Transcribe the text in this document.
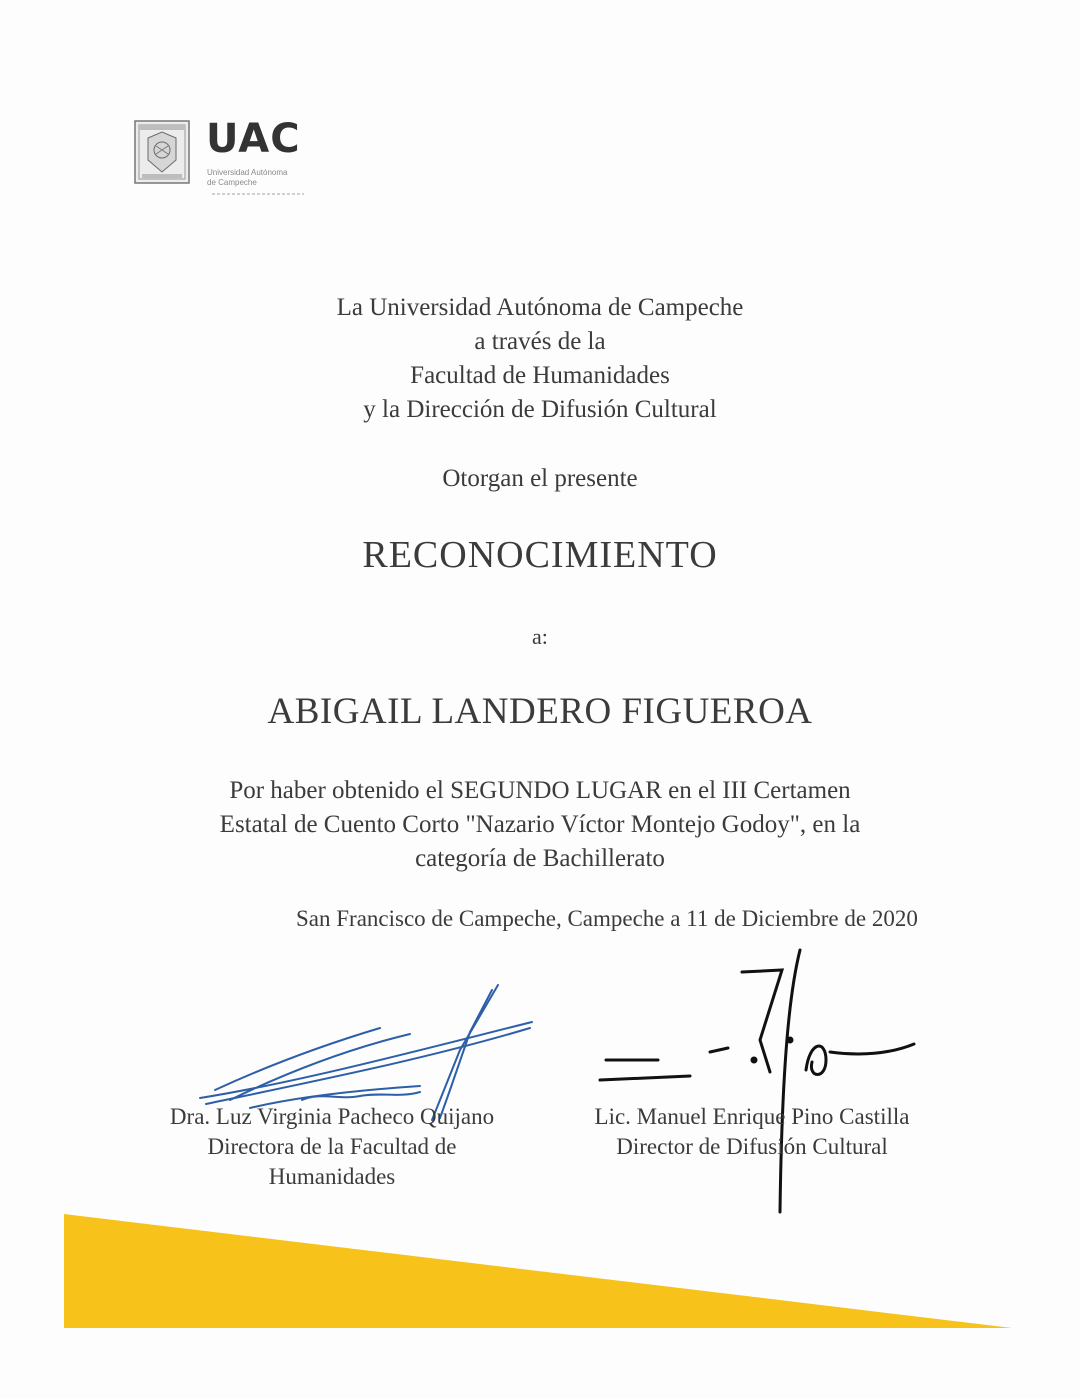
UAC
Universidad Autónoma
de Campeche
La Universidad Autónoma de Campeche
a través de la
Facultad de Humanidades
y la Dirección de Difusión Cultural
Otorgan el presente
RECONOCIMIENTO
a:
ABIGAIL LANDERO FIGUEROA
Por haber obtenido el SEGUNDO LUGAR en el III Certamen
Estatal de Cuento Corto "Nazario Víctor Montejo Godoy", en la
categoría de Bachillerato
San Francisco de Campeche, Campeche a 11 de Diciembre de 2020
Dra. Luz Virginia Pacheco Quijano
Directora de la Facultad de
Humanidades
Lic. Manuel Enrique Pino Castilla
Director de Difusión Cultural
